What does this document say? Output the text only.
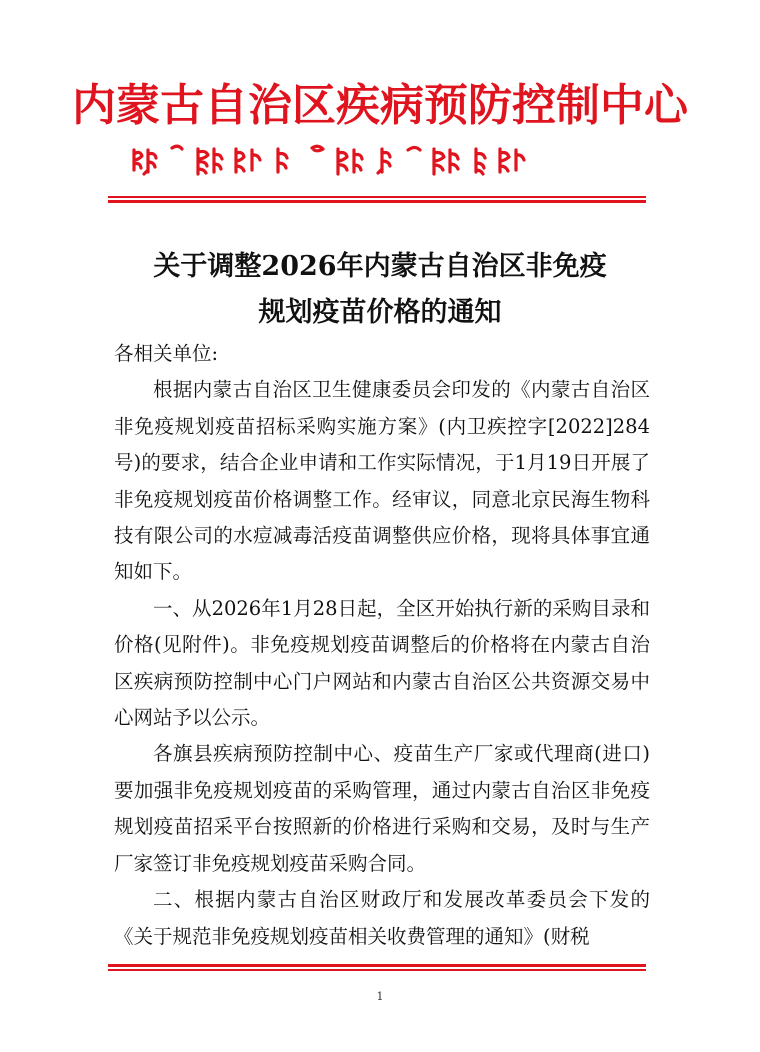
内蒙古自治区疾病预防控制中心
关于调整2026年内蒙古自治区非免疫
规划疫苗价格的通知

各相关单位:

根据内蒙古自治区卫生健康委员会印发的《内蒙古自治区非免疫规划疫苗招标采购实施方案》(内卫疾控字[2022]284号)的要求，结合企业申请和工作实际情况，于1月19日开展了非免疫规划疫苗价格调整工作。经审议，同意北京民海生物科技有限公司的水痘减毒活疫苗调整供应价格，现将具体事宜通知如下。

一、从2026年1月28日起，全区开始执行新的采购目录和价格(见附件)。非免疫规划疫苗调整后的价格将在内蒙古自治区疾病预防控制中心门户网站和内蒙古自治区公共资源交易中心网站予以公示。

各旗县疾病预防控制中心、疫苗生产厂家或代理商(进口)要加强非免疫规划疫苗的采购管理，通过内蒙古自治区非免疫规划疫苗招采平台按照新的价格进行采购和交易，及时与生产厂家签订非免疫规划疫苗采购合同。

二、根据内蒙古自治区财政厅和发展改革委员会下发的《关于规范非免疫规划疫苗相关收费管理的通知》(财税

1
